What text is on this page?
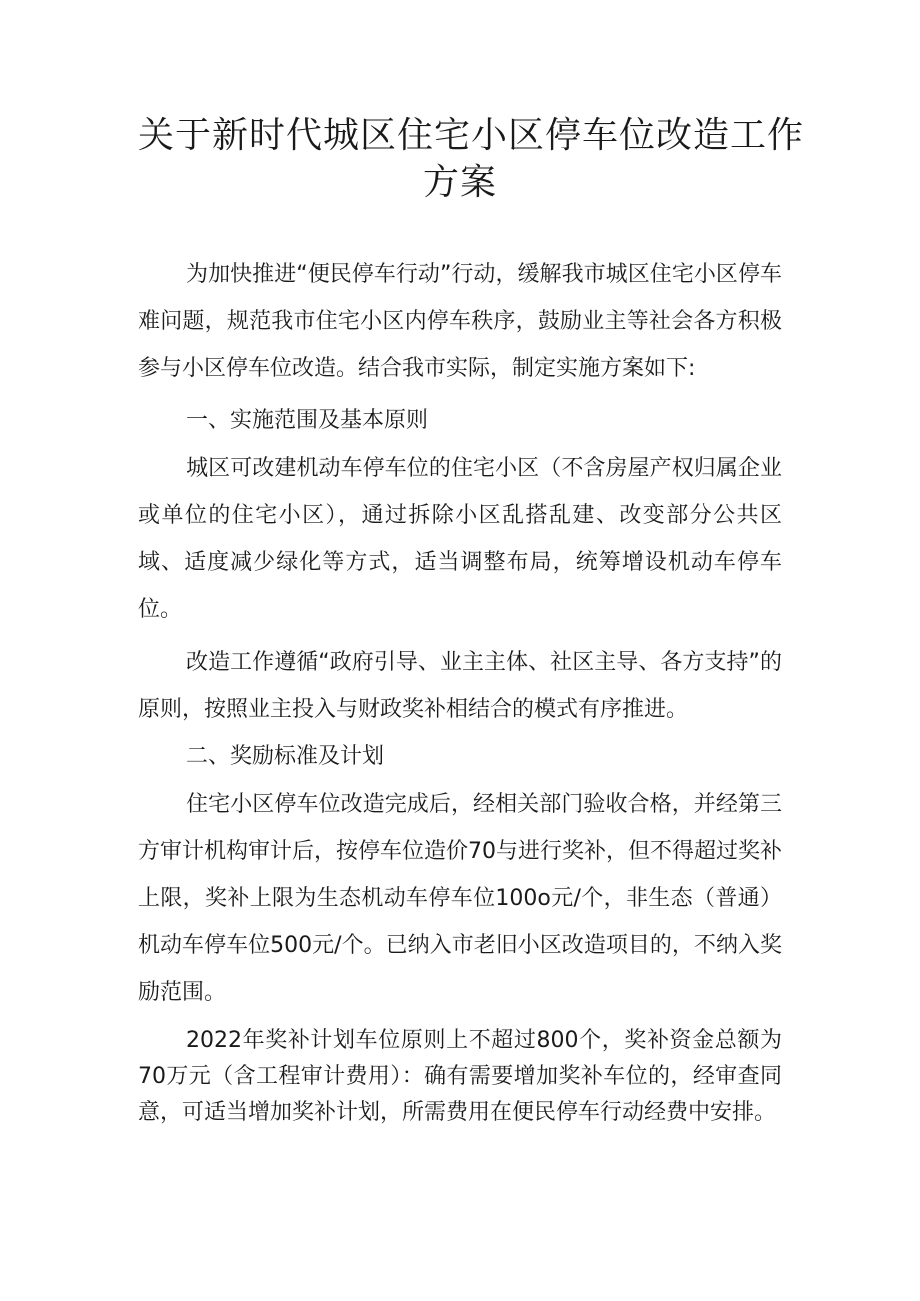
关于新时代城区住宅小区停车位改造工作
方案

为加快推进“便民停车行动”行动，缓解我市城区住宅小区停车难问题，规范我市住宅小区内停车秩序，鼓励业主等社会各方积极参与小区停车位改造。结合我市实际，制定实施方案如下:

一、实施范围及基本原则

城区可改建机动车停车位的住宅小区（不含房屋产权归属企业或单位的住宅小区），通过拆除小区乱搭乱建、改变部分公共区域、适度减少绿化等方式，适当调整布局，统筹增设机动车停车位。

改造工作遵循“政府引导、业主主体、社区主导、各方支持”的原则，按照业主投入与财政奖补相结合的模式有序推进。

二、奖励标准及计划

住宅小区停车位改造完成后，经相关部门验收合格，并经第三方审计机构审计后，按停车位造价70与进行奖补，但不得超过奖补上限，奖补上限为生态机动车停车位100o元/个，非生态（普通）机动车停车位500元/个。已纳入市老旧小区改造项目的，不纳入奖励范围。

2022年奖补计划车位原则上不超过800个，奖补资金总额为70万元（含工程审计费用）：确有需要增加奖补车位的，经审查同意，可适当增加奖补计划，所需费用在便民停车行动经费中安排。
